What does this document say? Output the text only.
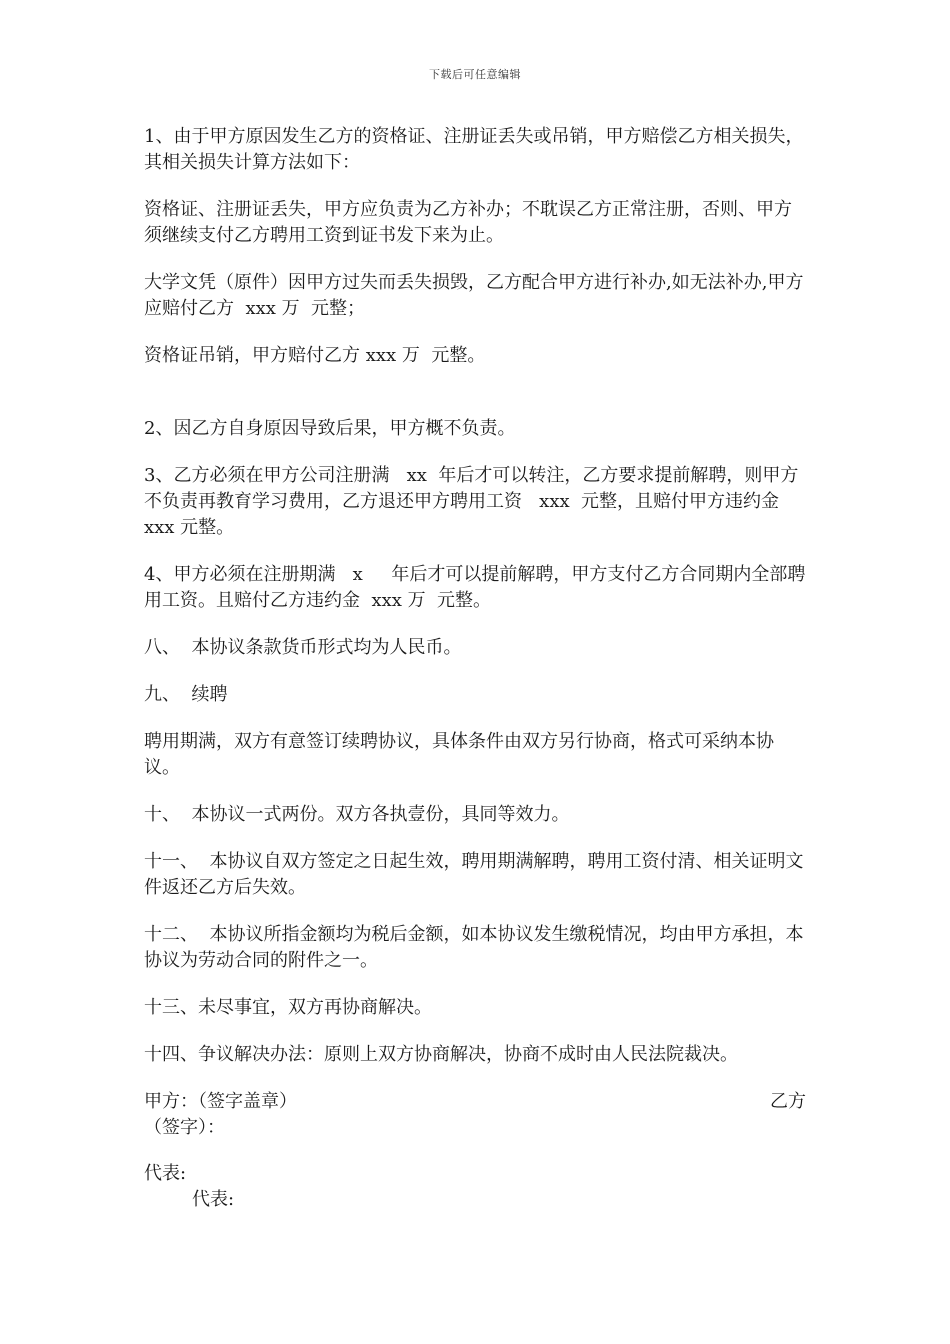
下载后可任意编辑

1、由于甲方原因发生乙方的资格证、注册证丢失或吊销，甲方赔偿乙方相关损失，其相关损失计算方法如下：

资格证、注册证丢失，甲方应负责为乙方补办；不耽误乙方正常注册，否则、甲方须继续支付乙方聘用工资到证书发下来为止。

大学文凭（原件）因甲方过失而丢失损毁，乙方配合甲方进行补办,如无法补办,甲方应赔付乙方  xxx 万  元整；

资格证吊销，甲方赔付乙方 xxx 万  元整。

2、因乙方自身原因导致后果，甲方概不负责。

3、乙方必须在甲方公司注册满   xx  年后才可以转注，乙方要求提前解聘，则甲方不负责再教育学习费用，乙方退还甲方聘用工资   xxx  元整，且赔付甲方违约金  xxx 元整。

4、甲方必须在注册期满   x     年后才可以提前解聘，甲方支付乙方合同期内全部聘用工资。且赔付乙方违约金  xxx 万  元整。

八、  本协议条款货币形式均为人民币。

九、  续聘

聘用期满，双方有意签订续聘协议，具体条件由双方另行协商，格式可采纳本协议。

十、  本协议一式两份。双方各执壹份，具同等效力。

十一、  本协议自双方签定之日起生效，聘用期满解聘，聘用工资付清、相关证明文件返还乙方后失效。

十二、  本协议所指金额均为税后金额，如本协议发生缴税情况，均由甲方承担，本协议为劳动合同的附件之一。

十三、未尽事宜，双方再协商解决。

十四、争议解决办法：原则上双方协商解决，协商不成时由人民法院裁决。

甲方：（签字盖章）	乙方

（签字）：

代表:

代表:
